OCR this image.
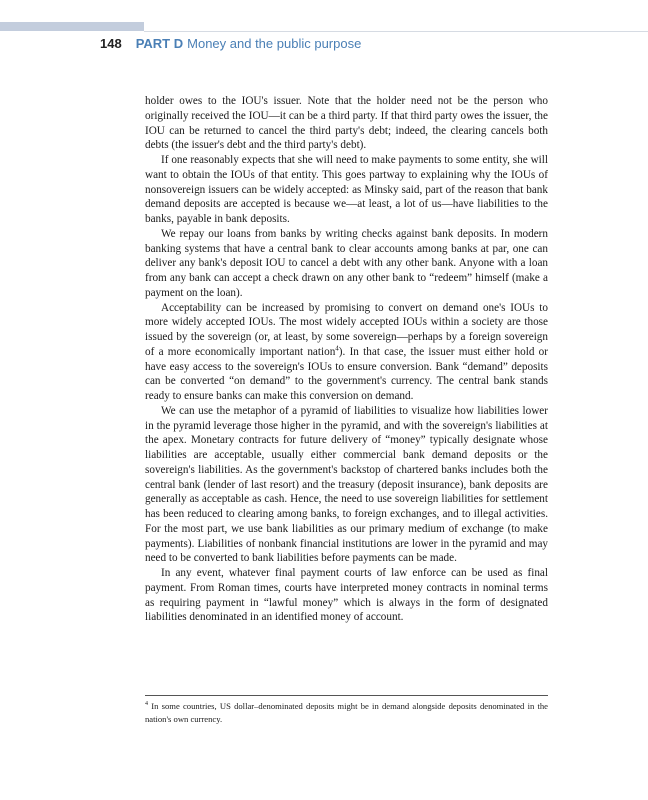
148 PART D Money and the public purpose

holder owes to the IOU's issuer. Note that the holder need not be the person who originally received the IOU—it can be a third party. If that third party owes the issuer, the IOU can be returned to cancel the third party's debt; indeed, the clearing cancels both debts (the issuer's debt and the third party's debt).

If one reasonably expects that she will need to make payments to some entity, she will want to obtain the IOUs of that entity. This goes partway to explaining why the IOUs of nonsovereign issuers can be widely accepted: as Minsky said, part of the reason that bank demand deposits are accepted is because we—at least, a lot of us—have liabilities to the banks, payable in bank deposits.

We repay our loans from banks by writing checks against bank deposits. In modern banking systems that have a central bank to clear accounts among banks at par, one can deliver any bank's deposit IOU to cancel a debt with any other bank. Anyone with a loan from any bank can accept a check drawn on any other bank to “redeem” himself (make a payment on the loan).

Acceptability can be increased by promising to convert on demand one's IOUs to more widely accepted IOUs. The most widely accepted IOUs within a society are those issued by the sovereign (or, at least, by some sovereign—perhaps by a foreign sovereign of a more economically important nation$^4$). In that case, the issuer must either hold or have easy access to the sovereign's IOUs to ensure conversion. Bank “demand” deposits can be converted “on demand” to the government's currency. The central bank stands ready to ensure banks can make this conversion on demand.

We can use the metaphor of a pyramid of liabilities to visualize how liabilities lower in the pyramid leverage those higher in the pyramid, and with the sovereign's liabilities at the apex. Monetary contracts for future delivery of “money” typically designate whose liabilities are acceptable, usually either commercial bank demand deposits or the sovereign's liabilities. As the government's backstop of chartered banks includes both the central bank (lender of last resort) and the treasury (deposit insurance), bank deposits are generally as acceptable as cash. Hence, the need to use sovereign liabilities for settlement has been reduced to clearing among banks, to foreign exchanges, and to illegal activities. For the most part, we use bank liabilities as our primary medium of exchange (to make payments). Liabilities of nonbank financial institutions are lower in the pyramid and may need to be converted to bank liabilities before payments can be made.

In any event, whatever final payment courts of law enforce can be used as final payment. From Roman times, courts have interpreted money contracts in nominal terms as requiring payment in “lawful money” which is always in the form of designated liabilities denominated in an identified money of account.

$^4$ In some countries, US dollar–denominated deposits might be in demand alongside deposits denominated in the nation's own currency.
